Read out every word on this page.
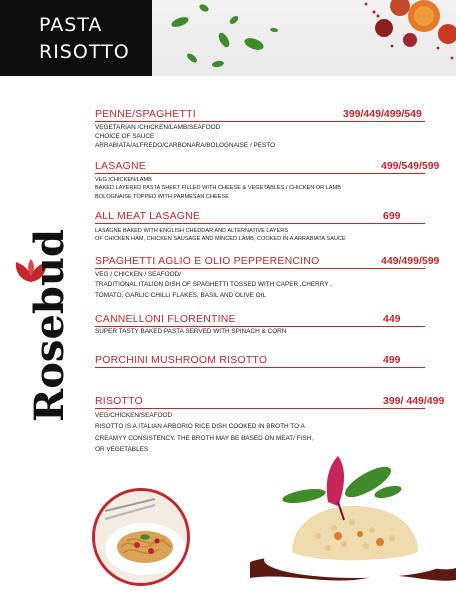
PASTA
RISOTTO
PENNE/SPAGHETTI	399/449/499/549
VEGETARIAN /CHICKEN/LAMB/SEAFOOD
CHOICE OF SAUCE
ARRABIATA/ALFREDO/CARBONARA/BOLOGNAISE / PESTO
LASAGNE	499/549/599
VEG /CHICKEN/LAMB
BAKED LAYERED PASTA SHEET FILLED WITH CHEESE & VEGETABLES / CHICKEN OR LAMB
BOLOGNAISE TOPPED WITH PARMESAN CHEESE
ALL MEAT LASAGNE	699
LASAGNE BAKED WITH ENGLISH CHEDDAR AND ALTERNATIVE LAYERS
OF CHICKEN HAM, CHICKEN SAUSAGE AND MINCED LAMB, COOKED IN A ARRABIATA SAUCE
SPAGHETTI AGLIO E OLIO PEPPERENCINO	449/499/599
VEG / CHICKEN / SEAFOOD/
TRADITIONAL ITALION DISH OF SPAGHETTI TOSSED WITH CAPER ,CHERRY ,
TOMATO, GARLIC CHILLI FLAKES, BASIL AND OLIVE OIL
CANNELLONI FLORENTINE	449
SUPER TASTY BAKED PASTA SERVED WITH SPINACH & CORN
PORCHINI MUSHROOM RISOTTO	499
RISOTTO	399/ 449/499
VEG/CHICKEN/SEAFOOD
RISOTTO IS A ITALIAN ARBORIO RICE DISH COOKED IN BROTH TO A
CREAMYY CONSISTENCY. THE BROTH MAY BE BASED ON MEAT/ FISH,
OR VEGETABLES
Rosebud
